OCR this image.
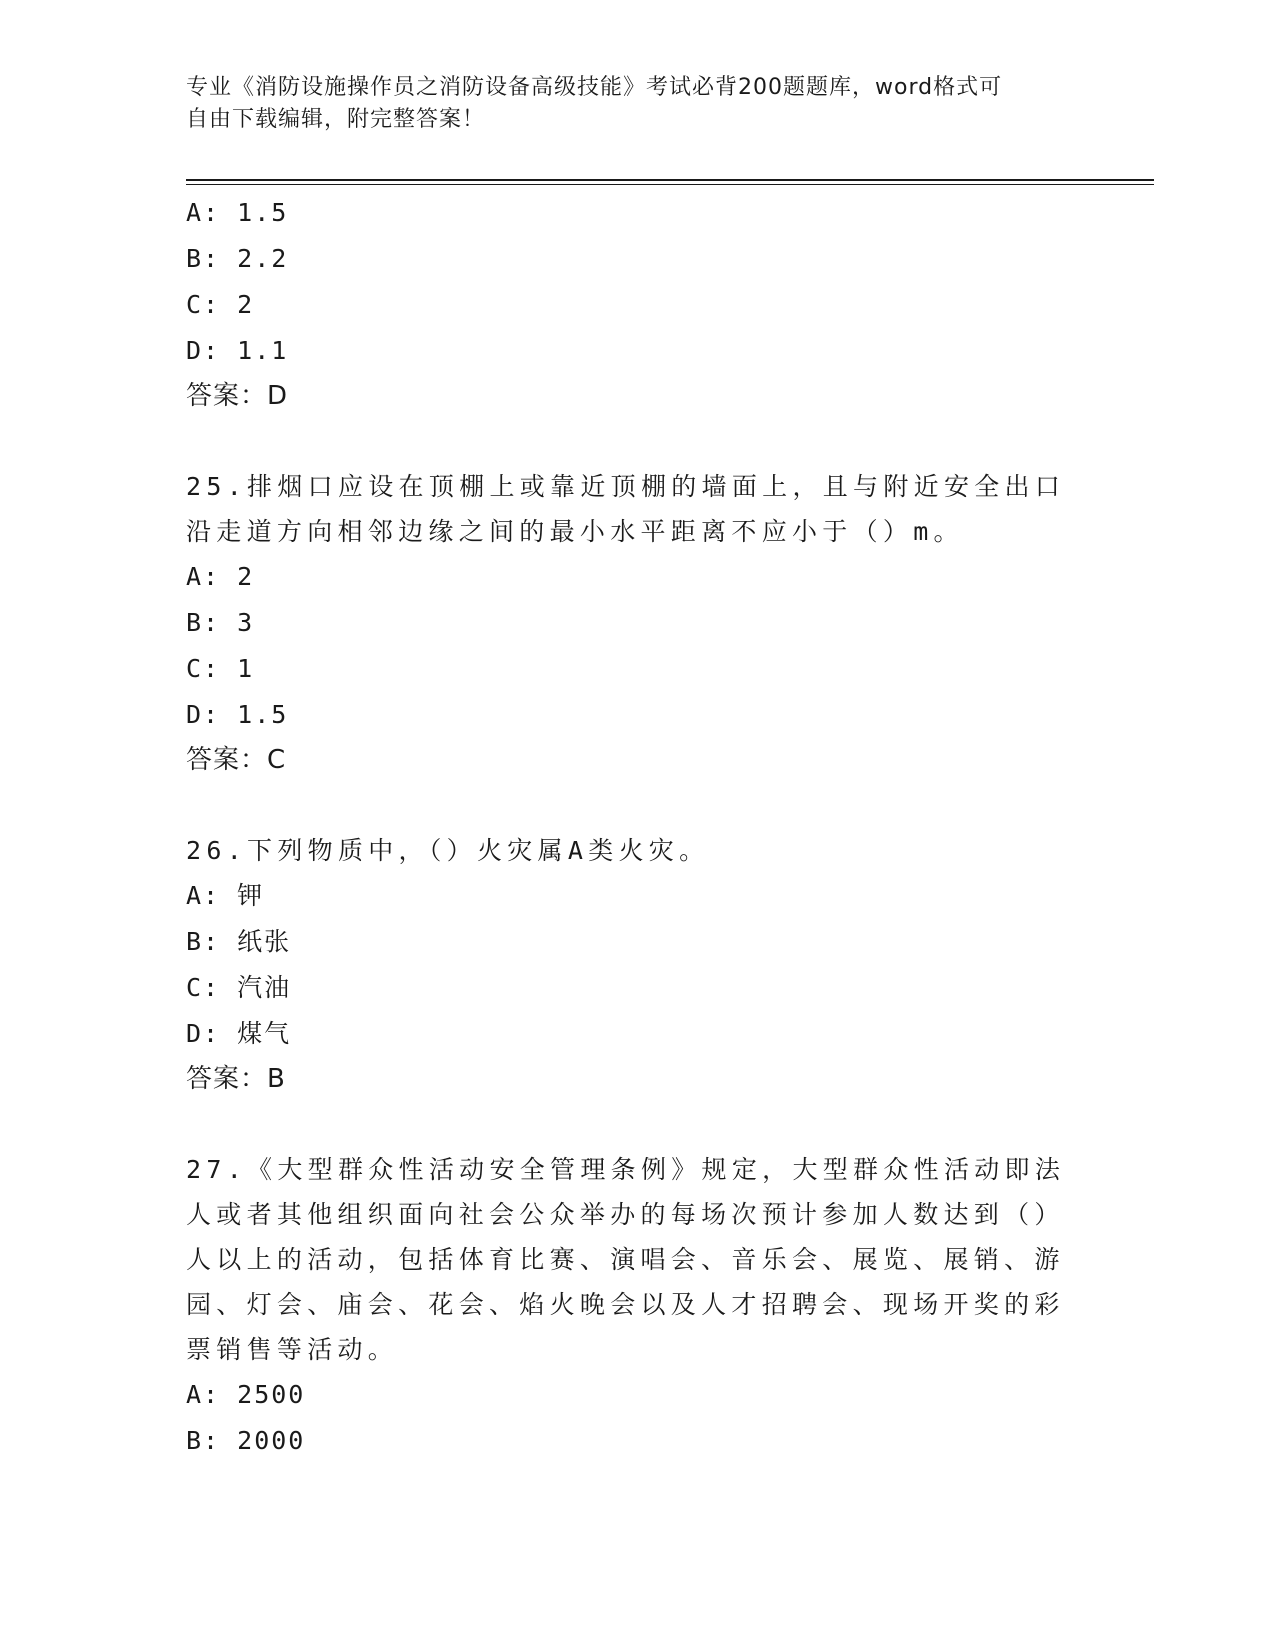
专业《消防设施操作员之消防设备高级技能》考试必背200题题库，word格式可
自由下载编辑，附完整答案！
A: 1.5
B: 2.2
C: 2
D: 1.1
答案：D
25.排烟口应设在顶棚上或靠近顶棚的墙面上，且与附近安全出口沿走道方向相邻边缘之间的最小水平距离不应小于（）m。
A: 2
B: 3
C: 1
D: 1.5
答案：C
26.下列物质中，（）火灾属A类火灾。
A: 钾
B: 纸张
C: 汽油
D: 煤气
答案：B
27.《大型群众性活动安全管理条例》规定，大型群众性活动即法人或者其他组织面向社会公众举办的每场次预计参加人数达到（）人以上的活动，包括体育比赛、演唱会、音乐会、展览、展销、游园、灯会、庙会、花会、焰火晚会以及人才招聘会、现场开奖的彩票销售等活动。
A: 2500
B: 2000
